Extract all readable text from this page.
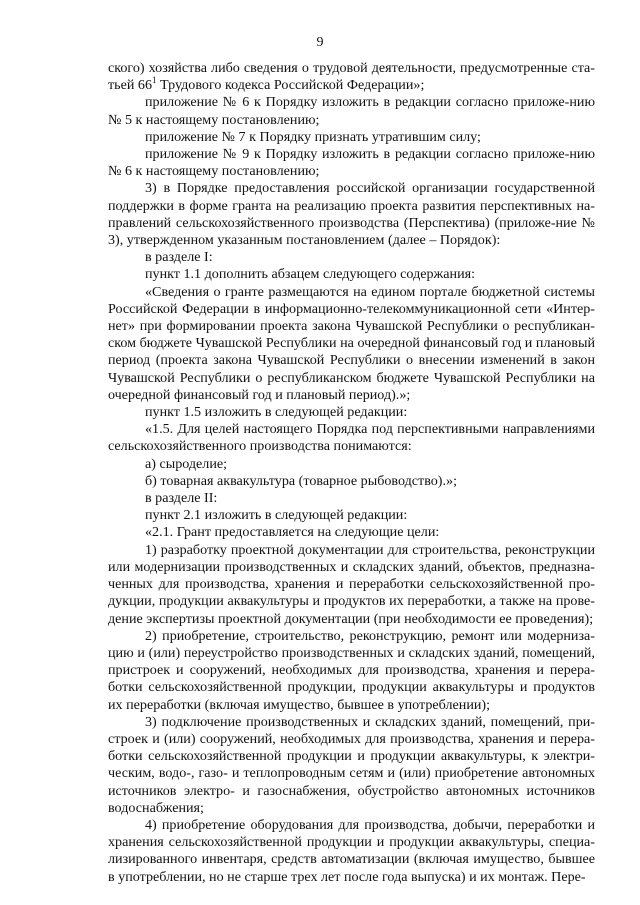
9

ского) хозяйства либо сведения о трудовой деятельности, предусмотренные ста-тьей $66^1$ Трудового кодекса Российской Федерации»;

приложение № 6 к Порядку изложить в редакции согласно приложе-нию № 5 к настоящему постановлению;

приложение № 7 к Порядку признать утратившим силу;

приложение № 9 к Порядку изложить в редакции согласно приложе-нию № 6 к настоящему постановлению;

3) в Порядке предоставления российской организации государственной поддержки в форме гранта на реализацию проекта развития перспективных на-правлений сельскохозяйственного производства (Перспектива) (приложе-ние № 3), утвержденном указанным постановлением (далее – Порядок):

в разделе I:

пункт 1.1 дополнить абзацем следующего содержания:

«Сведения о гранте размещаются на едином портале бюджетной системы Российской Федерации в информационно-телекоммуникационной сети «Интер-нет» при формировании проекта закона Чувашской Республики о республикан-ском бюджете Чувашской Республики на очередной финансовый год и плановый период (проекта закона Чувашской Республики о внесении изменений в закон Чувашской Республики о республиканском бюджете Чувашской Республики на очередной финансовый год и плановый период).»;

пункт 1.5 изложить в следующей редакции:

«1.5. Для целей настоящего Порядка под перспективными направлениями сельскохозяйственного производства понимаются:

а) сыроделие;

б) товарная аквакультура (товарное рыбоводство).»;

в разделе II:

пункт 2.1 изложить в следующей редакции:

«2.1. Грант предоставляется на следующие цели:

1) разработку проектной документации для строительства, реконструкции или модернизации производственных и складских зданий, объектов, предназна-ченных для производства, хранения и переработки сельскохозяйственной про-дукции, продукции аквакультуры и продуктов их переработки, а также на прове-дение экспертизы проектной документации (при необходимости ее проведения);

2) приобретение, строительство, реконструкцию, ремонт или модерниза-цию и (или) переустройство производственных и складских зданий, помещений, пристроек и сооружений, необходимых для производства, хранения и перера-ботки сельскохозяйственной продукции, продукции аквакультуры и продуктов их переработки (включая имущество, бывшее в употреблении);

3) подключение производственных и складских зданий, помещений, при-строек и (или) сооружений, необходимых для производства, хранения и перера-ботки сельскохозяйственной продукции и продукции аквакультуры, к электри-ческим, водо-, газо- и теплопроводным сетям и (или) приобретение автономных источников электро- и газоснабжения, обустройство автономных источников водоснабжения;

4) приобретение оборудования для производства, добычи, переработки и хранения сельскохозяйственной продукции и продукции аквакультуры, специа-лизированного инвентаря, средств автоматизации (включая имущество, бывшее в употреблении, но не старше трех лет после года выпуска) и их монтаж. Пере-
